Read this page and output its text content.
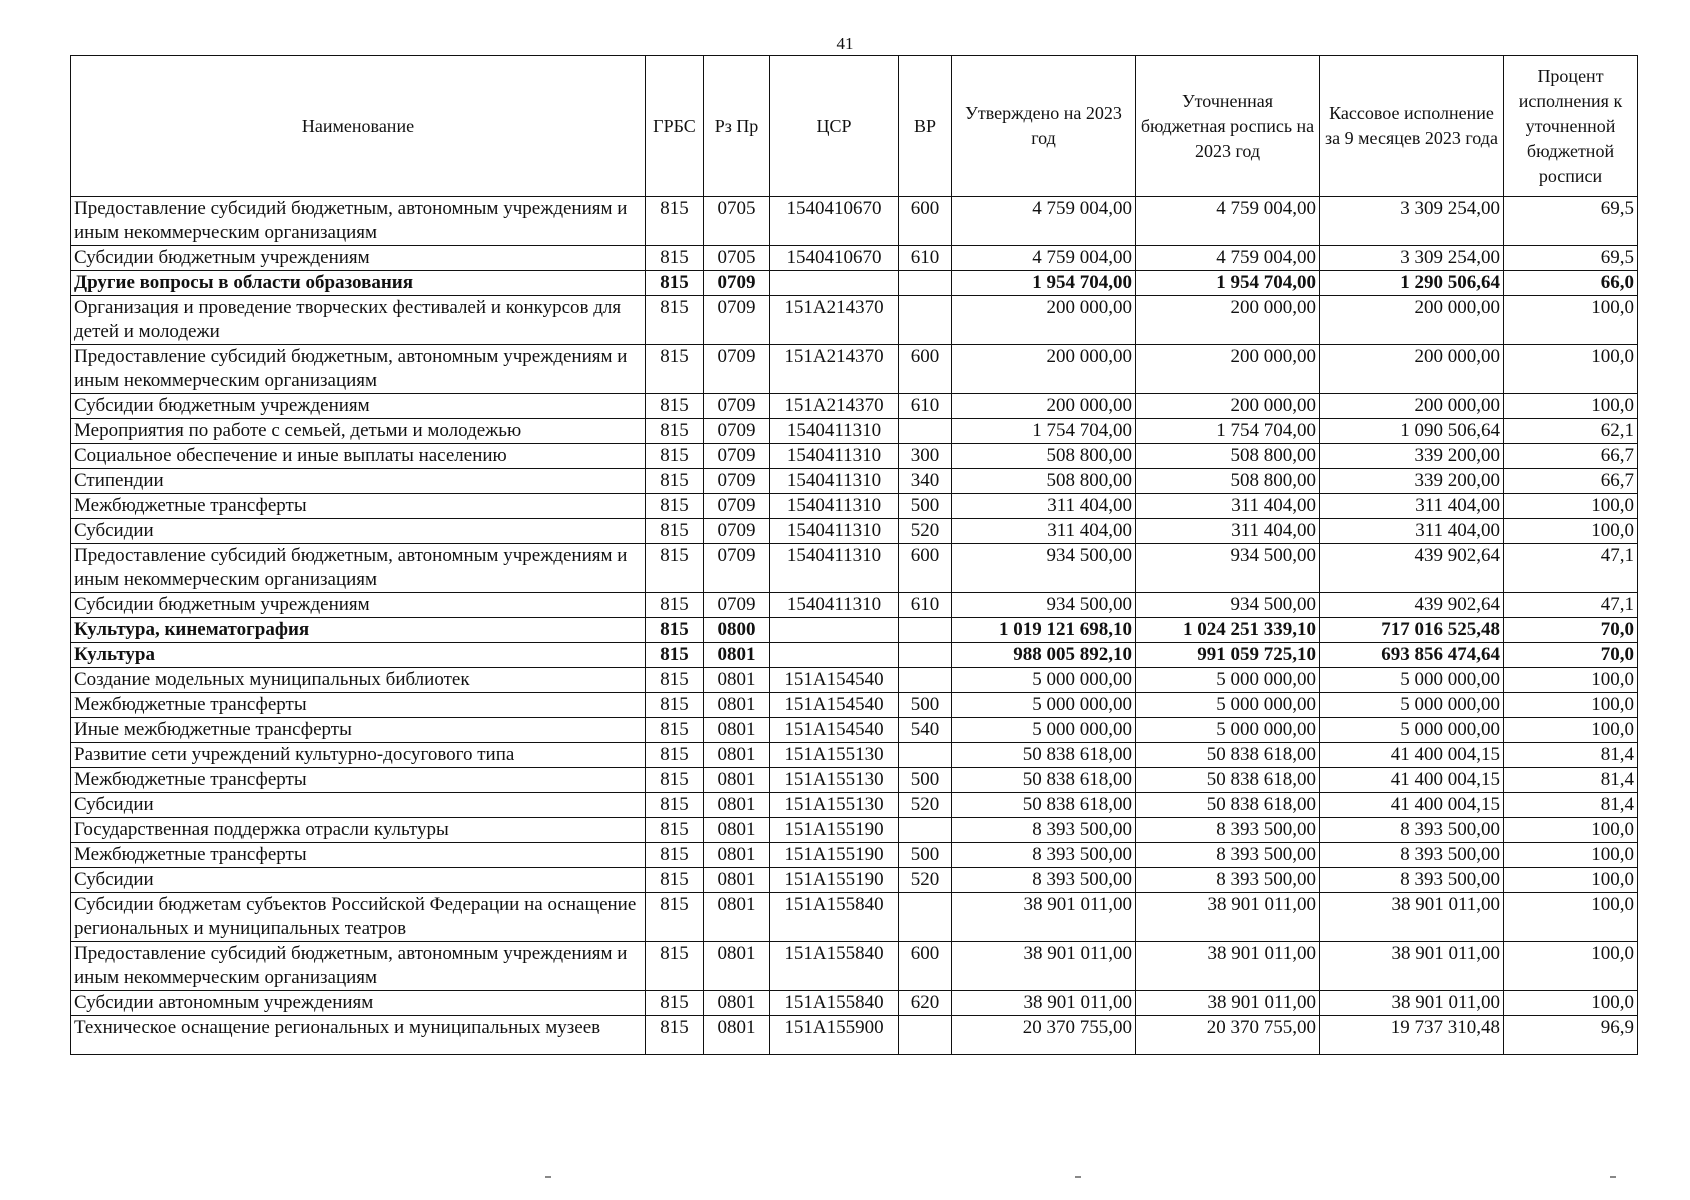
41
Наименование	ГРБС	Рз Пр	ЦСР	ВР	Утверждено на 2023 год	Уточненная бюджетная роспись на 2023 год	Кассовое исполнение за 9 месяцев 2023 года	Процент исполнения к уточненной бюджетной росписи
Предоставление субсидий бюджетным, автономным учреждениям и иным некоммерческим организациям	815	0705	1540410670	600	4 759 004,00	4 759 004,00	3 309 254,00	69,5
Субсидии бюджетным учреждениям	815	0705	1540410670	610	4 759 004,00	4 759 004,00	3 309 254,00	69,5
Другие вопросы в области образования	815	0709			1 954 704,00	1 954 704,00	1 290 506,64	66,0
Организация и проведение творческих фестивалей и конкурсов для детей и молодежи	815	0709	151A214370		200 000,00	200 000,00	200 000,00	100,0
Предоставление субсидий бюджетным, автономным учреждениям и иным некоммерческим организациям	815	0709	151A214370	600	200 000,00	200 000,00	200 000,00	100,0
Субсидии бюджетным учреждениям	815	0709	151A214370	610	200 000,00	200 000,00	200 000,00	100,0
Мероприятия по работе с семьей, детьми и молодежью	815	0709	1540411310		1 754 704,00	1 754 704,00	1 090 506,64	62,1
Социальное обеспечение и иные выплаты населению	815	0709	1540411310	300	508 800,00	508 800,00	339 200,00	66,7
Стипендии	815	0709	1540411310	340	508 800,00	508 800,00	339 200,00	66,7
Межбюджетные трансферты	815	0709	1540411310	500	311 404,00	311 404,00	311 404,00	100,0
Субсидии	815	0709	1540411310	520	311 404,00	311 404,00	311 404,00	100,0
Предоставление субсидий бюджетным, автономным учреждениям и иным некоммерческим организациям	815	0709	1540411310	600	934 500,00	934 500,00	439 902,64	47,1
Субсидии бюджетным учреждениям	815	0709	1540411310	610	934 500,00	934 500,00	439 902,64	47,1
Культура, кинематография	815	0800			1 019 121 698,10	1 024 251 339,10	717 016 525,48	70,0
Культура	815	0801			988 005 892,10	991 059 725,10	693 856 474,64	70,0
Создание модельных муниципальных библиотек	815	0801	151A154540		5 000 000,00	5 000 000,00	5 000 000,00	100,0
Межбюджетные трансферты	815	0801	151A154540	500	5 000 000,00	5 000 000,00	5 000 000,00	100,0
Иные межбюджетные трансферты	815	0801	151A154540	540	5 000 000,00	5 000 000,00	5 000 000,00	100,0
Развитие сети учреждений культурно-досугового типа	815	0801	151A155130		50 838 618,00	50 838 618,00	41 400 004,15	81,4
Межбюджетные трансферты	815	0801	151A155130	500	50 838 618,00	50 838 618,00	41 400 004,15	81,4
Субсидии	815	0801	151A155130	520	50 838 618,00	50 838 618,00	41 400 004,15	81,4
Государственная поддержка отрасли культуры	815	0801	151A155190		8 393 500,00	8 393 500,00	8 393 500,00	100,0
Межбюджетные трансферты	815	0801	151A155190	500	8 393 500,00	8 393 500,00	8 393 500,00	100,0
Субсидии	815	0801	151A155190	520	8 393 500,00	8 393 500,00	8 393 500,00	100,0
Субсидии бюджетам субъектов Российской Федерации на оснащение региональных и муниципальных театров	815	0801	151A155840		38 901 011,00	38 901 011,00	38 901 011,00	100,0
Предоставление субсидий бюджетным, автономным учреждениям и иным некоммерческим организациям	815	0801	151A155840	600	38 901 011,00	38 901 011,00	38 901 011,00	100,0
Субсидии автономным учреждениям	815	0801	151A155840	620	38 901 011,00	38 901 011,00	38 901 011,00	100,0
Техническое оснащение региональных и муниципальных музеев	815	0801	151A155900		20 370 755,00	20 370 755,00	19 737 310,48	96,9
